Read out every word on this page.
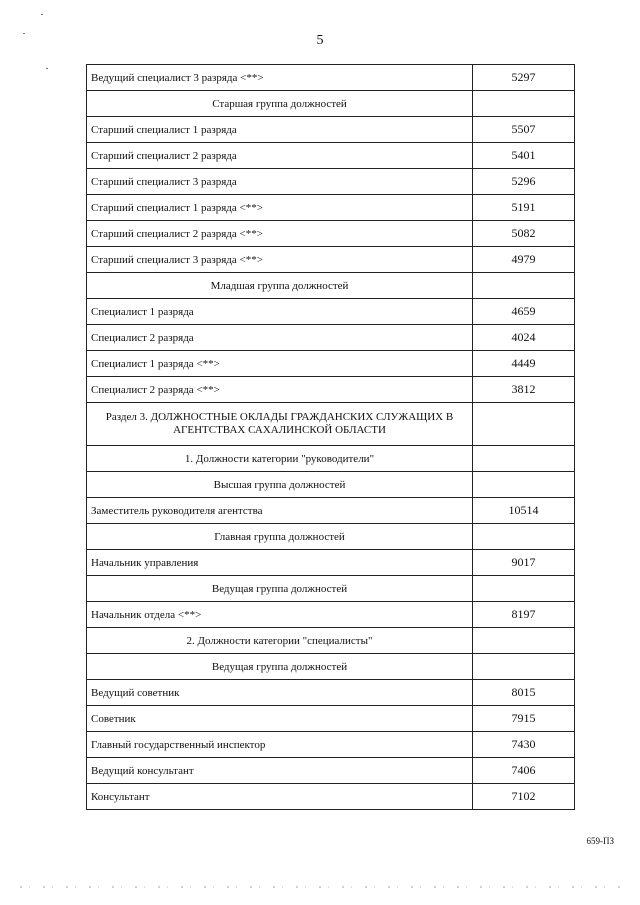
5
Ведущий специалист 3 разряда <**>	5297
Старшая группа должностей	
Старший специалист 1 разряда	5507
Старший специалист 2 разряда	5401
Старший специалист 3 разряда	5296
Старший специалист 1 разряда <**>	5191
Старший специалист 2 разряда <**>	5082
Старший специалист 3 разряда <**>	4979
Младшая группа должностей	
Специалист 1 разряда	4659
Специалист 2 разряда	4024
Специалист 1 разряда <**>	4449
Специалист 2 разряда <**>	3812
Раздел 3. ДОЛЖНОСТНЫЕ ОКЛАДЫ ГРАЖДАНСКИХ СЛУЖАЩИХ В АГЕНТСТВАХ САХАЛИНСКОЙ ОБЛАСТИ	
1. Должности категории "руководители"	
Высшая группа должностей	
Заместитель руководителя агентства	10514
Главная группа должностей	
Начальник управления	9017
Ведущая группа должностей	
Начальник отдела <**>	8197
2. Должности категории "специалисты"	
Ведущая группа должностей	
Ведущий советник	8015
Советник	7915
Главный государственный инспектор	7430
Ведущий консультант	7406
Консультант	7102
659-ПЗ
